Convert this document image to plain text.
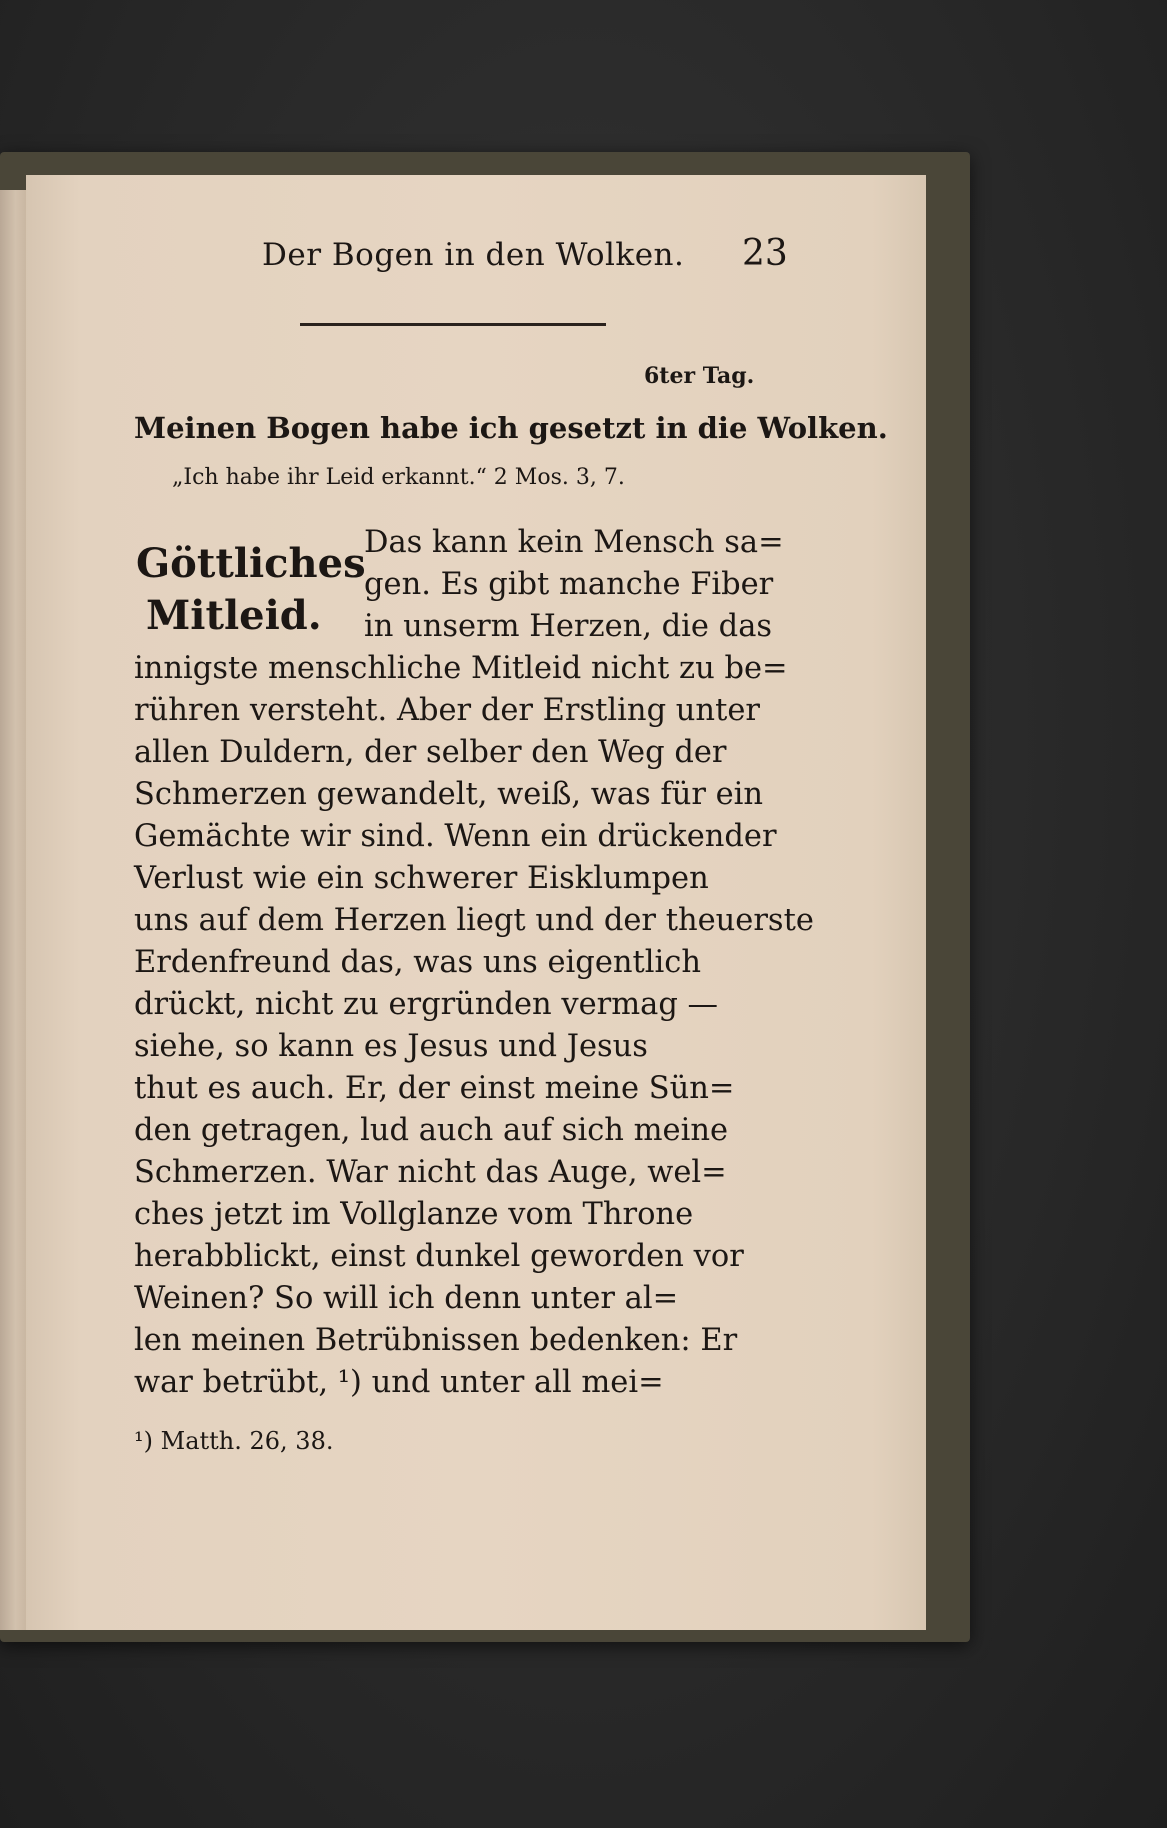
Der Bogen in den Wolken. 23
6ter Tag.
Meinen Bogen habe ich gesetzt in die Wolken.
„Ich habe ihr Leid erkannt.“ 2 Mos. 3, 7.
Göttliches
Mitleid.
Das kann kein Mensch sa=
gen. Es gibt manche Fiber
in unserm Herzen, die das
innigste menschliche Mitleid nicht zu be=
rühren versteht. Aber der Erstling unter
allen Duldern, der selber den Weg der
Schmerzen gewandelt, weiß, was für ein
Gemächte wir sind. Wenn ein drückender
Verlust wie ein schwerer Eisklumpen
uns auf dem Herzen liegt und der theuerste
Erdenfreund das, was uns eigentlich
drückt, nicht zu ergründen vermag —
siehe, so kann es Jesus und Jesus
thut es auch. Er, der einst meine Sün=
den getragen, lud auch auf sich meine
Schmerzen. War nicht das Auge, wel=
ches jetzt im Vollglanze vom Throne
herabblickt, einst dunkel geworden vor
Weinen? So will ich denn unter al=
len meinen Betrübnissen bedenken: Er
war betrübt, ¹) und unter all mei=
¹) Matth. 26, 38.
